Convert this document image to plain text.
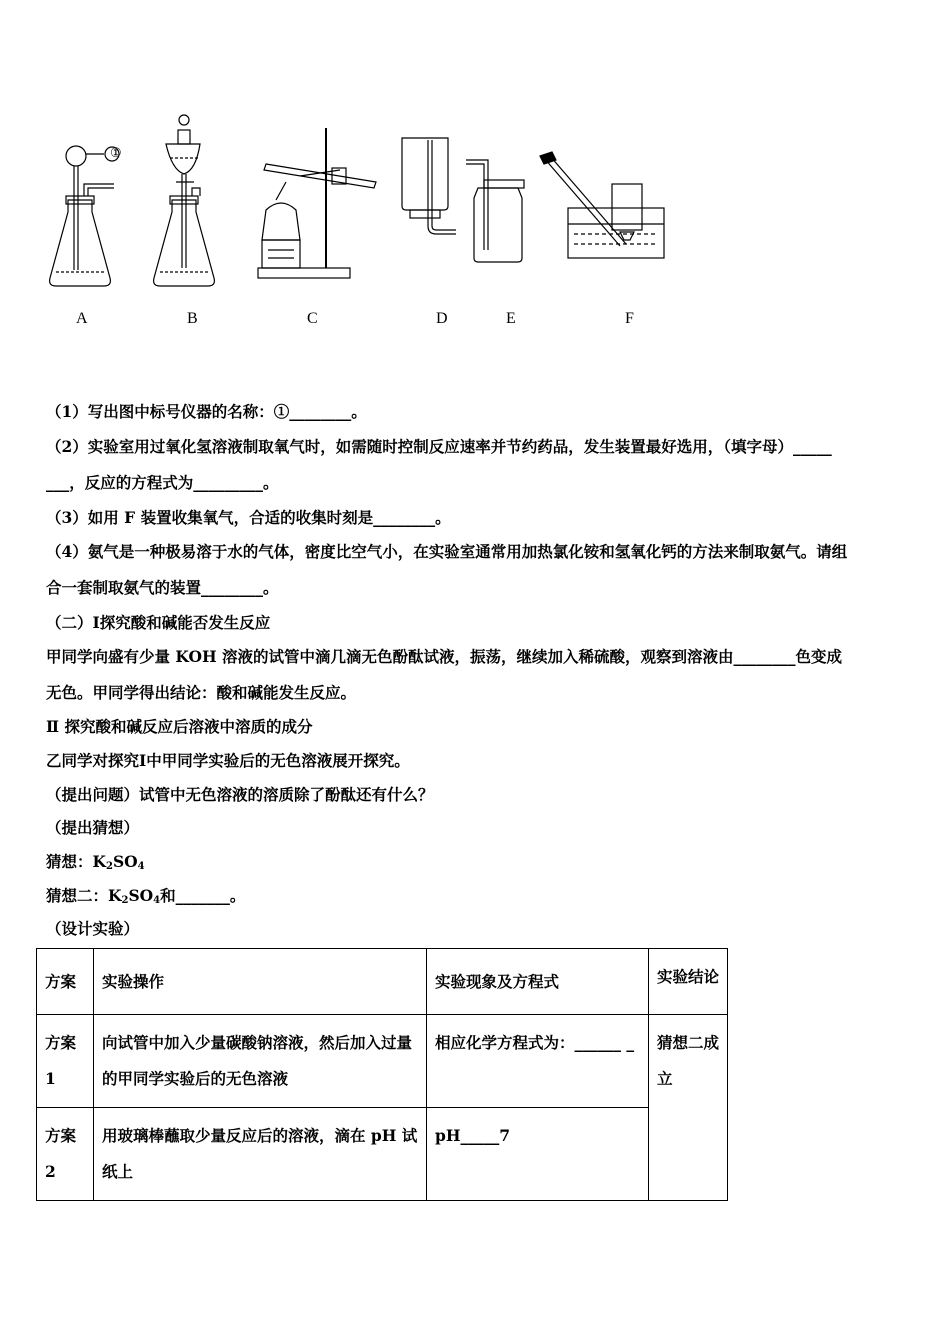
A	B	C	D	E	F
①
（1）写出图中标号仪器的名称：①________。
（2）实验室用过氧化氢溶液制取氧气时，如需随时控制反应速率并节约药品，发生装置最好选用，（填字母）_____
___，反应的方程式为_________。
（3）如用 F 装置收集氧气，合适的收集时刻是________。
（4）氨气是一种极易溶于水的气体，密度比空气小，在实验室通常用加热氯化铵和氢氧化钙的方法来制取氨气。请组
合一套制取氨气的装置________。
（二）Ⅰ探究酸和碱能否发生反应
甲同学向盛有少量 KOH 溶液的试管中滴几滴无色酚酞试液，振荡，继续加入稀硫酸，观察到溶液由________色变成
无色。甲同学得出结论：酸和碱能发生反应。
Ⅱ 探究酸和碱反应后溶液中溶质的成分
乙同学对探究Ⅰ中甲同学实验后的无色溶液展开探究。
（提出问题）试管中无色溶液的溶质除了酚酞还有什么？
（提出猜想）
猜想：$K_2SO_4$
猜想二：$K_2SO_4$和_______。
（设计实验）
方案	实验操作	实验现象及方程式	实验结论
方案 1	向试管中加入少量碳酸钠溶液，然后加入过量的甲同学实验后的无色溶液	相应化学方程式为：______ _	猜想二成立
方案 2	用玻璃棒蘸取少量反应后的溶液，滴在 pH 试纸上	pH_____7	
